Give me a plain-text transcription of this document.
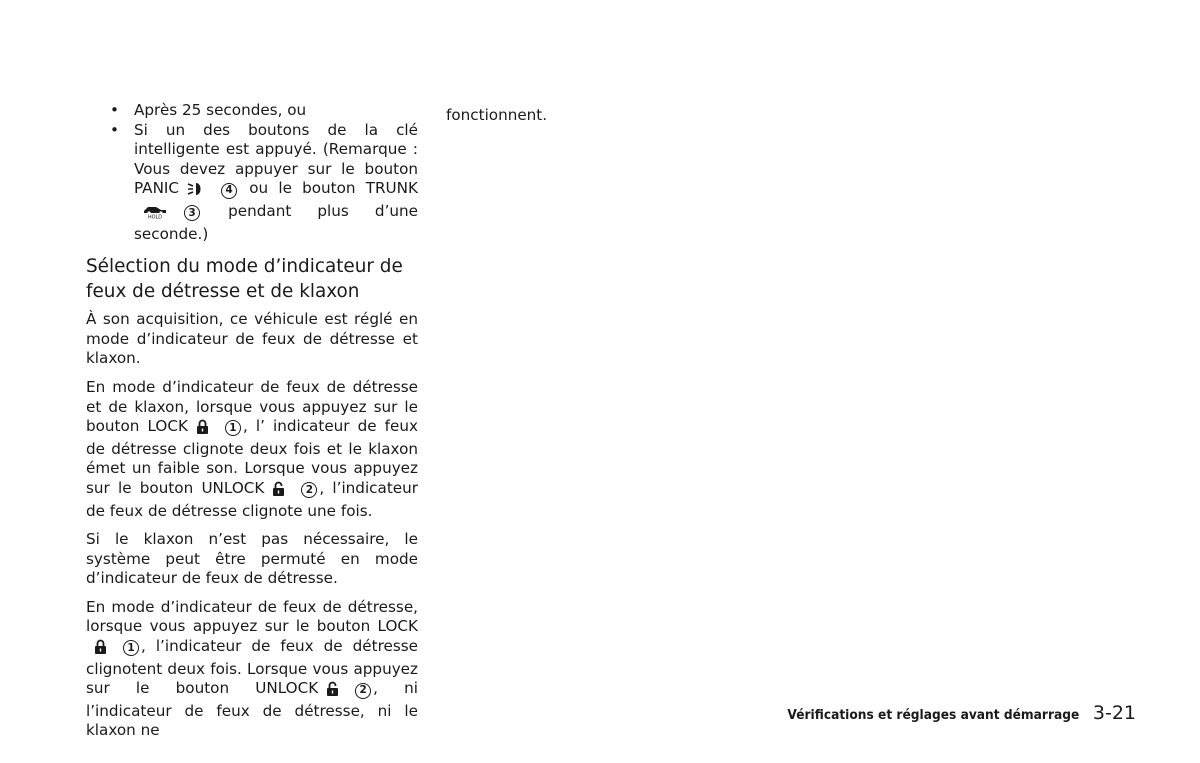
• Après 25 secondes, ou
• Si un des boutons de la clé intelligente est appuyé. (Remarque : Vous devez appuyer sur le bouton PANIC	4 ou le bouton TRUNK
HOLD 3 pendant plus d’une seconde.)
Sélection du mode d’indicateur de feux de détresse et de klaxon

À son acquisition, ce véhicule est réglé en mode d’indicateur de feux de détresse et klaxon.

En mode d’indicateur de feux de détresse et de klaxon, lorsque vous appuyez sur le bouton LOCK	1 , l’ indicateur de feux de détresse clignote deux fois et le klaxon émet un faible son. Lorsque vous appuyez sur le bouton UNLOCK	2 , l’indicateur de feux de détresse clignote une fois.

Si le klaxon n’est pas nécessaire, le système peut être permuté en mode d’indicateur de feux de détresse.

En mode d’indicateur de feux de détresse, lorsque vous appuyez sur le bouton LOCK1 , l’indicateur de feux de détresse clignotent deux fois. Lorsque vous appuyez sur le bouton UNLOCK	2 , ni l’indicateur de feux de détresse, ni le klaxon ne

fonctionnent.

Vérifications et réglages avant démarrage 3-21
